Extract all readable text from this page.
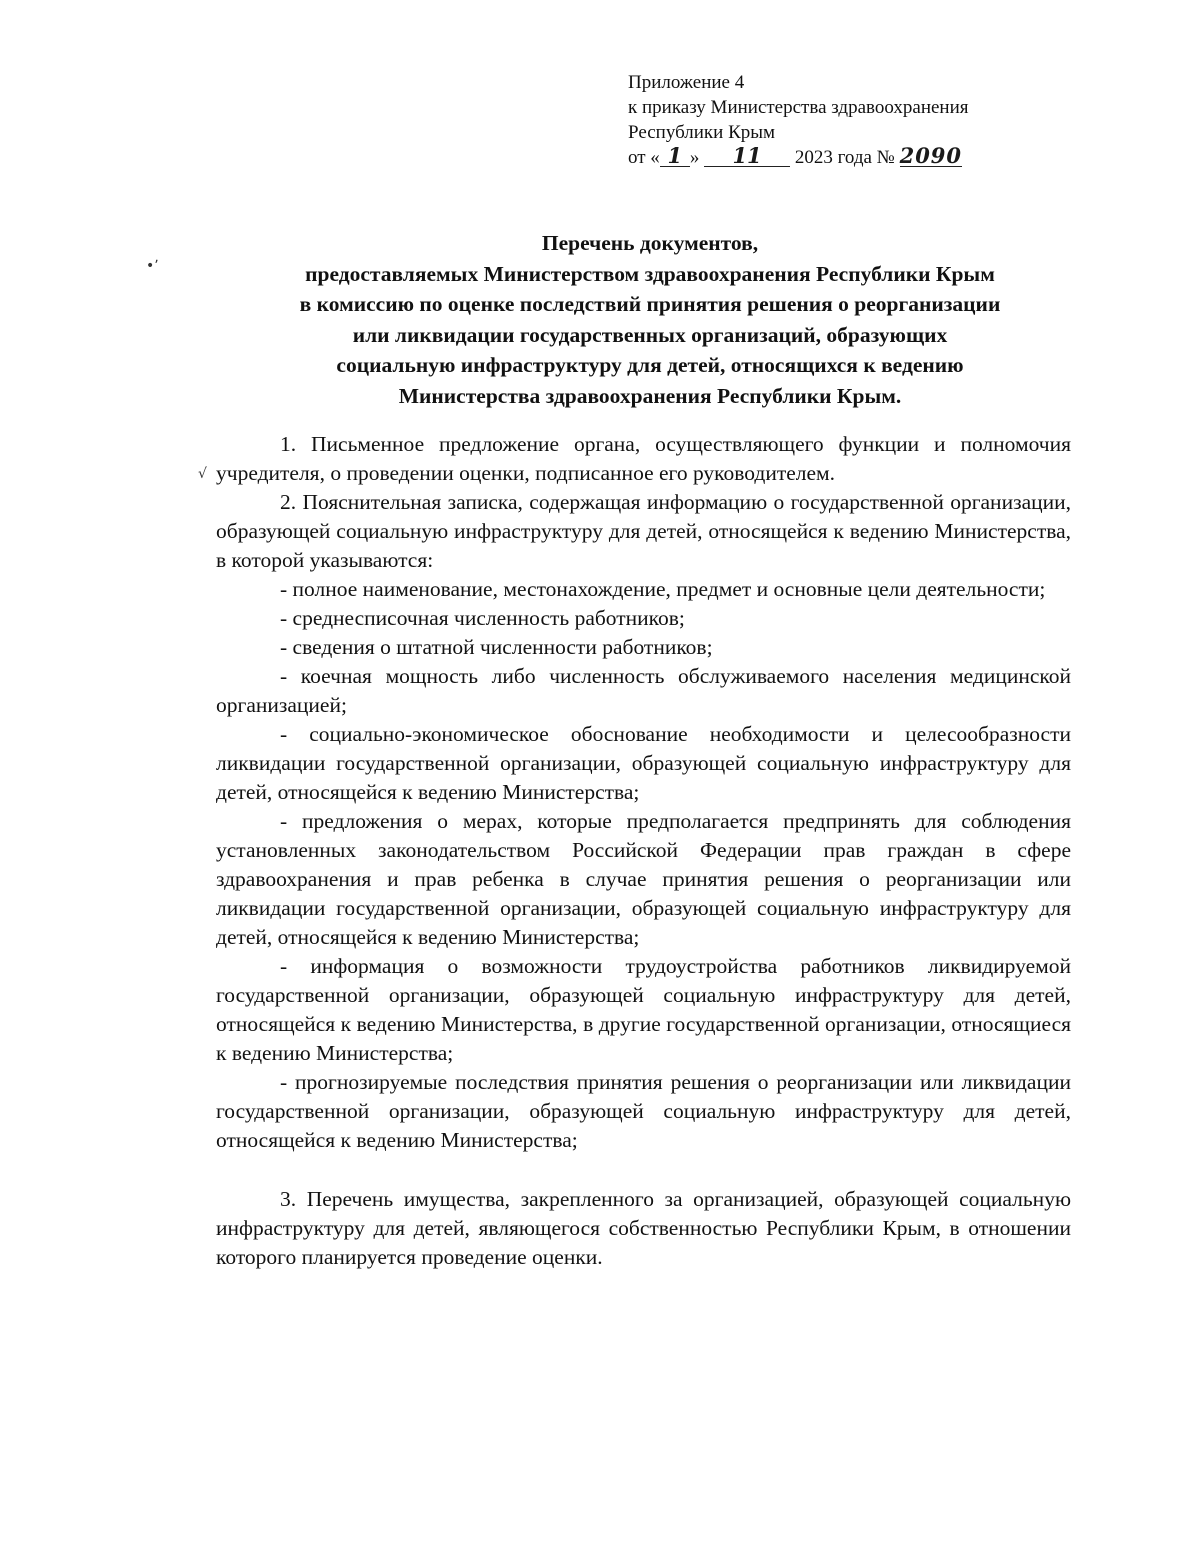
•ʼ
√
Приложение 4
к приказу Министерства здравоохранения
Республики Крым
от « 1 » 11 2023 года № 2090
Перечень документов,
предоставляемых Министерством здравоохранения Республики Крым
в комиссию по оценке последствий принятия решения о реорганизации
или ликвидации государственных организаций, образующих
социальную инфраструктуру для детей, относящихся к ведению
Министерства здравоохранения Республики Крым.

1. Письменное предложение органа, осуществляющего функции и полномочия учредителя, о проведении оценки, подписанное его руководителем.

2. Пояснительная записка, содержащая информацию о государственной организации, образующей социальную инфраструктуру для детей, относящейся к ведению Министерства, в которой указываются:

- полное наименование, местонахождение, предмет и основные цели деятельности;

- среднесписочная численность работников;

- сведения о штатной численности работников;

- коечная мощность либо численность обслуживаемого населения медицинской организацией;

- социально-экономическое обоснование необходимости и целесообразности ликвидации государственной организации, образующей социальную инфраструктуру для детей, относящейся к ведению Министерства;

- предложения о мерах, которые предполагается предпринять для соблюдения установленных законодательством Российской Федерации прав граждан в сфере здравоохранения и прав ребенка в случае принятия решения о реорганизации или ликвидации государственной организации, образующей социальную инфраструктуру для детей, относящейся к ведению Министерства;

- информация о возможности трудоустройства работников ликвидируемой государственной организации, образующей социальную инфраструктуру для детей, относящейся к ведению Министерства, в другие государственной организации, относящиеся к ведению Министерства;

- прогнозируемые последствия принятия решения о реорганизации или ликвидации государственной организации, образующей социальную инфраструктуру для детей, относящейся к ведению Министерства;

3. Перечень имущества, закрепленного за организацией, образующей социальную инфраструктуру для детей, являющегося собственностью Республики Крым, в отношении которого планируется проведение оценки.
